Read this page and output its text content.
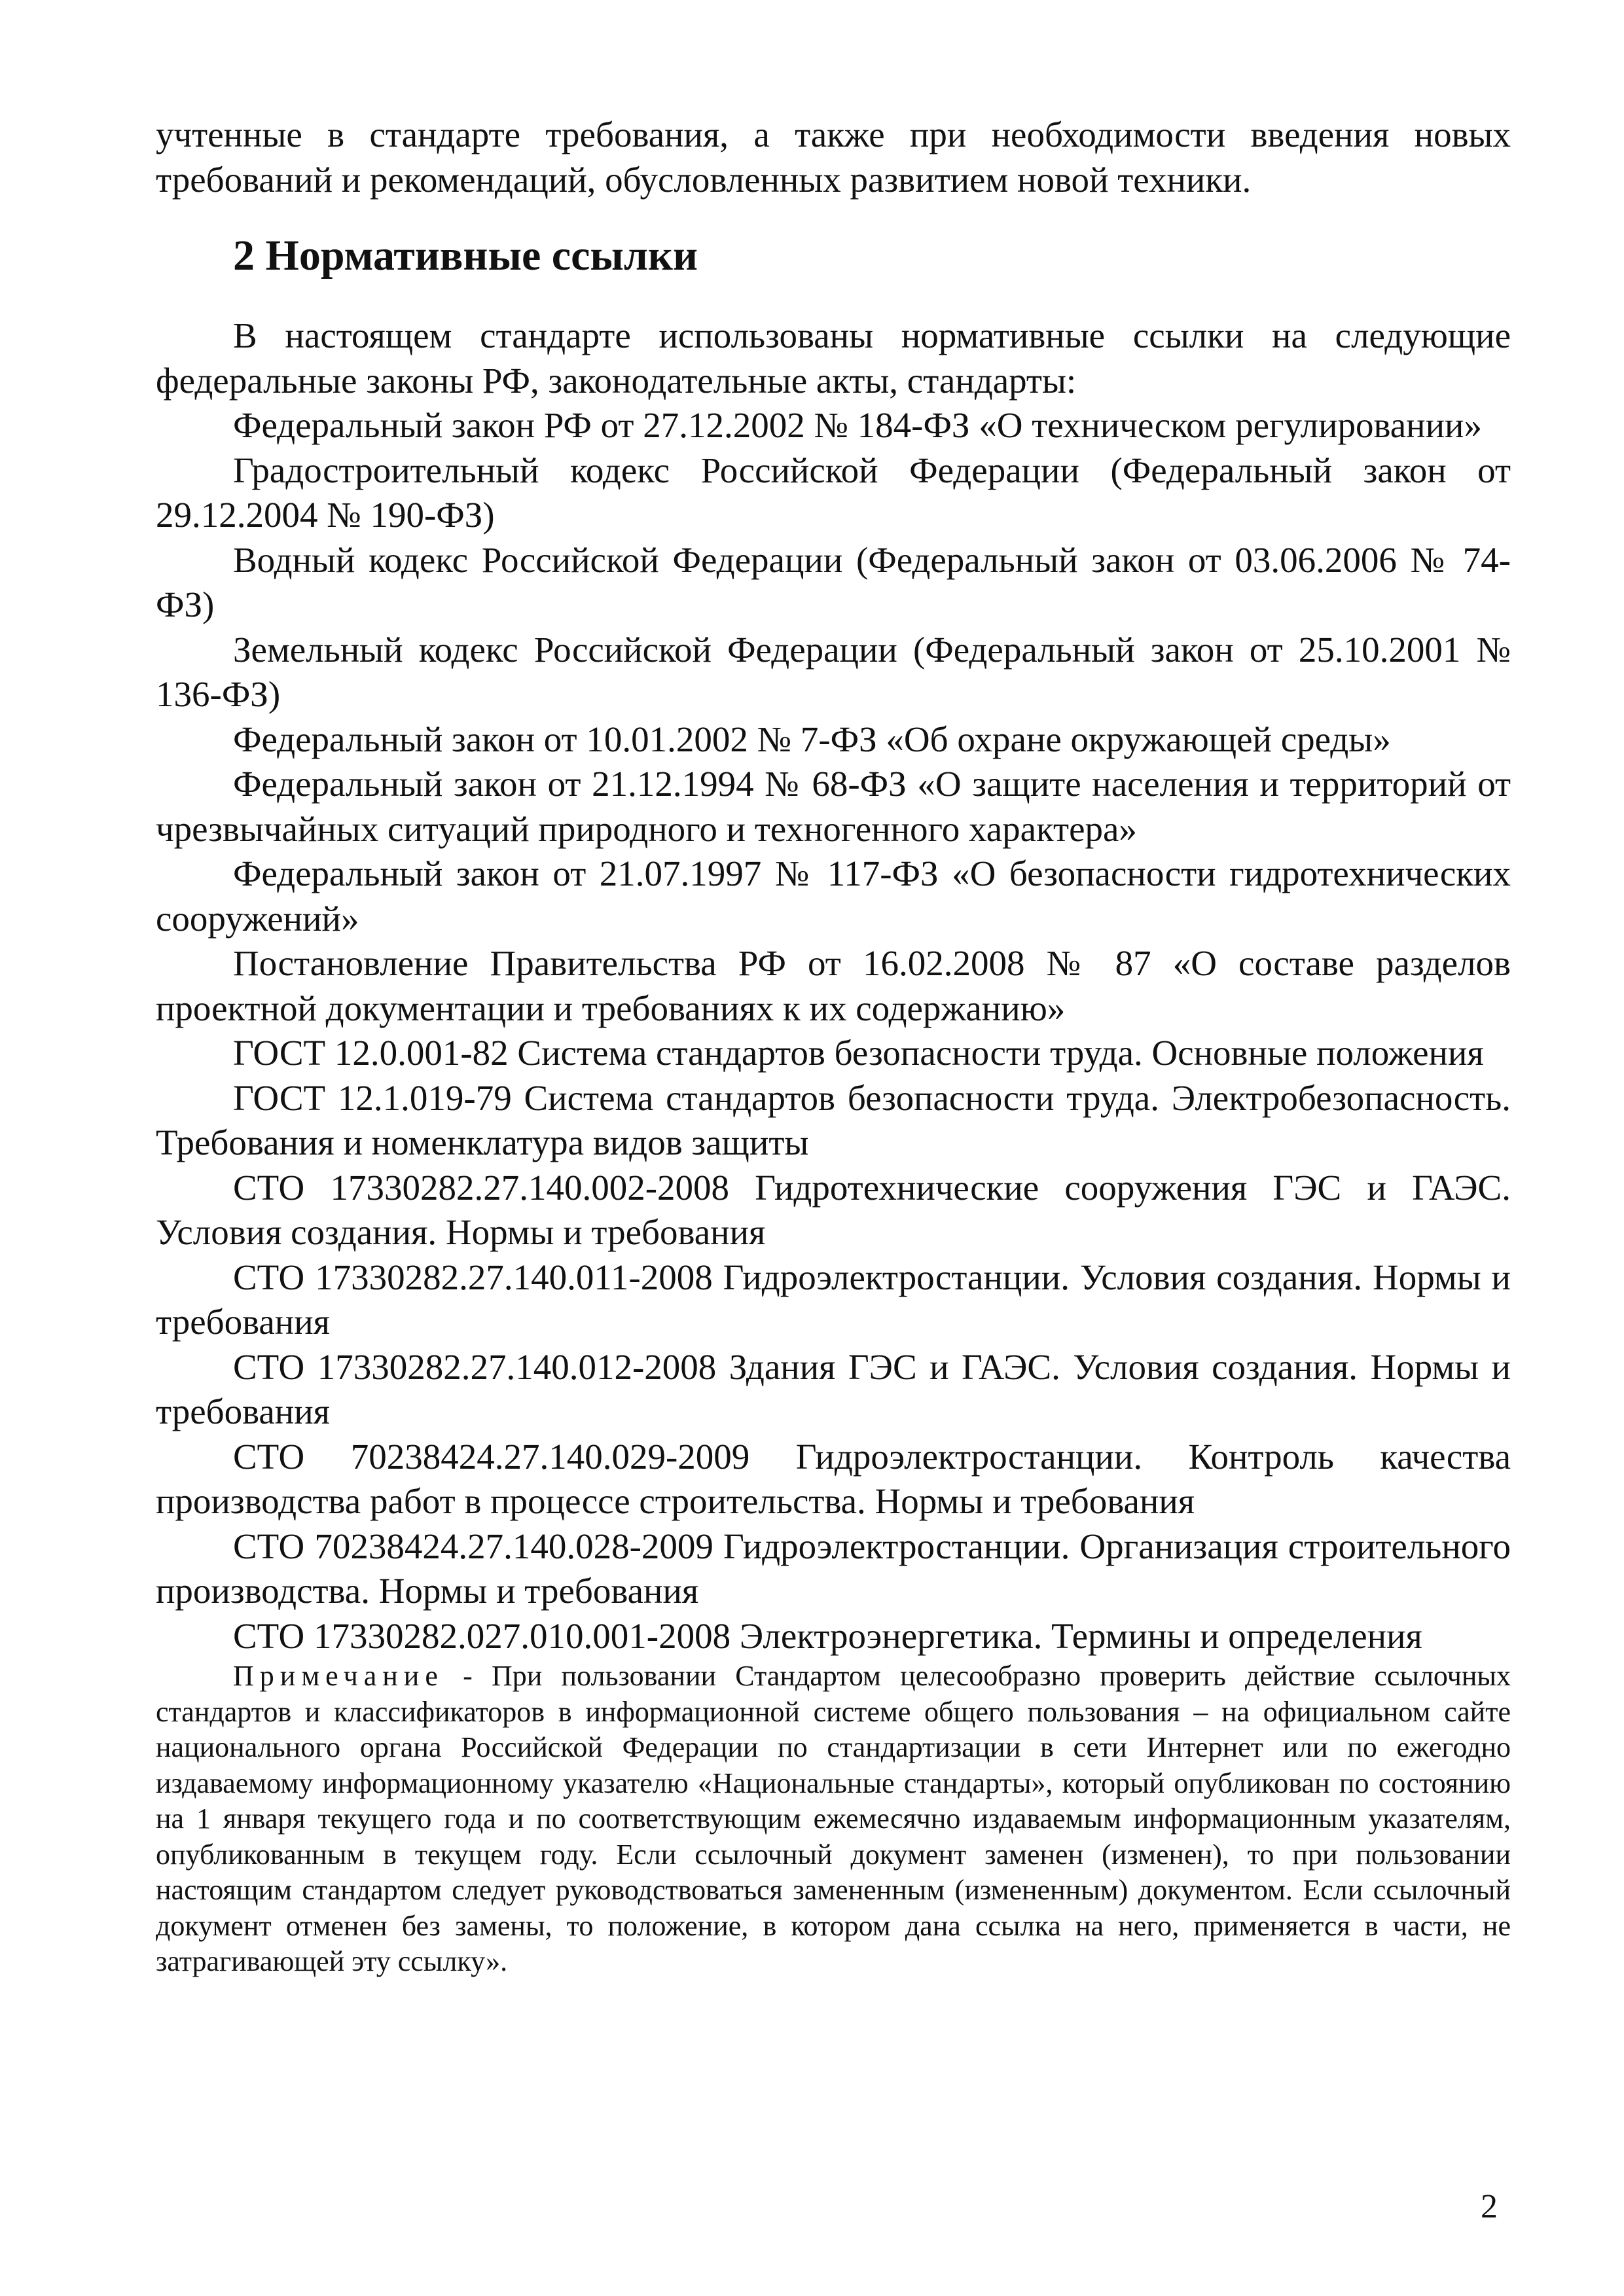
учтенные в стандарте требования, а также при необходимости введения новых требований и рекомендаций, обусловленных развитием новой техники.

2 Нормативные ссылки

В настоящем стандарте использованы нормативные ссылки на следующие федеральные законы РФ, законодательные акты, стандарты:

Федеральный закон РФ от 27.12.2002 № 184-ФЗ «О техническом регулировании»

Градостроительный кодекс Российской Федерации (Федеральный закон от 29.12.2004 № 190-ФЗ)

Водный кодекс Российской Федерации (Федеральный закон от 03.06.2006 № 74-ФЗ)

Земельный кодекс Российской Федерации (Федеральный закон от 25.10.2001 № 136-ФЗ)

Федеральный закон от 10.01.2002 № 7-ФЗ «Об охране окружающей среды»

Федеральный закон от 21.12.1994 № 68-ФЗ «О защите населения и территорий от чрезвычайных ситуаций природного и техногенного характера»

Федеральный закон от 21.07.1997 № 117-ФЗ «О безопасности гидротехнических сооружений»

Постановление Правительства РФ от 16.02.2008 № 87 «О составе разделов проектной документации и требованиях к их содержанию»

ГОСТ 12.0.001-82 Система стандартов безопасности труда. Основные положения

ГОСТ 12.1.019-79 Система стандартов безопасности труда. Электробезопасность. Требования и номенклатура видов защиты

СТО 17330282.27.140.002-2008 Гидротехнические сооружения ГЭС и ГАЭС. Условия создания. Нормы и требования

СТО 17330282.27.140.011-2008 Гидроэлектростанции. Условия создания. Нормы и требования

СТО 17330282.27.140.012-2008 Здания ГЭС и ГАЭС. Условия создания. Нормы и требования

СТО 70238424.27.140.029-2009 Гидроэлектростанции. Контроль качества производства работ в процессе строительства. Нормы и требования

СТО 70238424.27.140.028-2009 Гидроэлектростанции. Организация строительного производства. Нормы и требования

СТО 17330282.027.010.001-2008 Электроэнергетика. Термины и определения

Примечание - При пользовании Стандартом целесообразно проверить действие ссылочных стандартов и классификаторов в информационной системе общего пользования – на официальном сайте национального органа Российской Федерации по стандартизации в сети Интернет или по ежегодно издаваемому информационному указателю «Национальные стандарты», который опубликован по состоянию на 1 января текущего года и по соответствующим ежемесячно издаваемым информационным указателям, опубликованным в текущем году. Если ссылочный документ заменен (изменен), то при пользовании настоящим стандартом следует руководствоваться замененным (измененным) документом. Если ссылочный документ отменен без замены, то положение, в котором дана ссылка на него, применяется в части, не затрагивающей эту ссылку».

2
